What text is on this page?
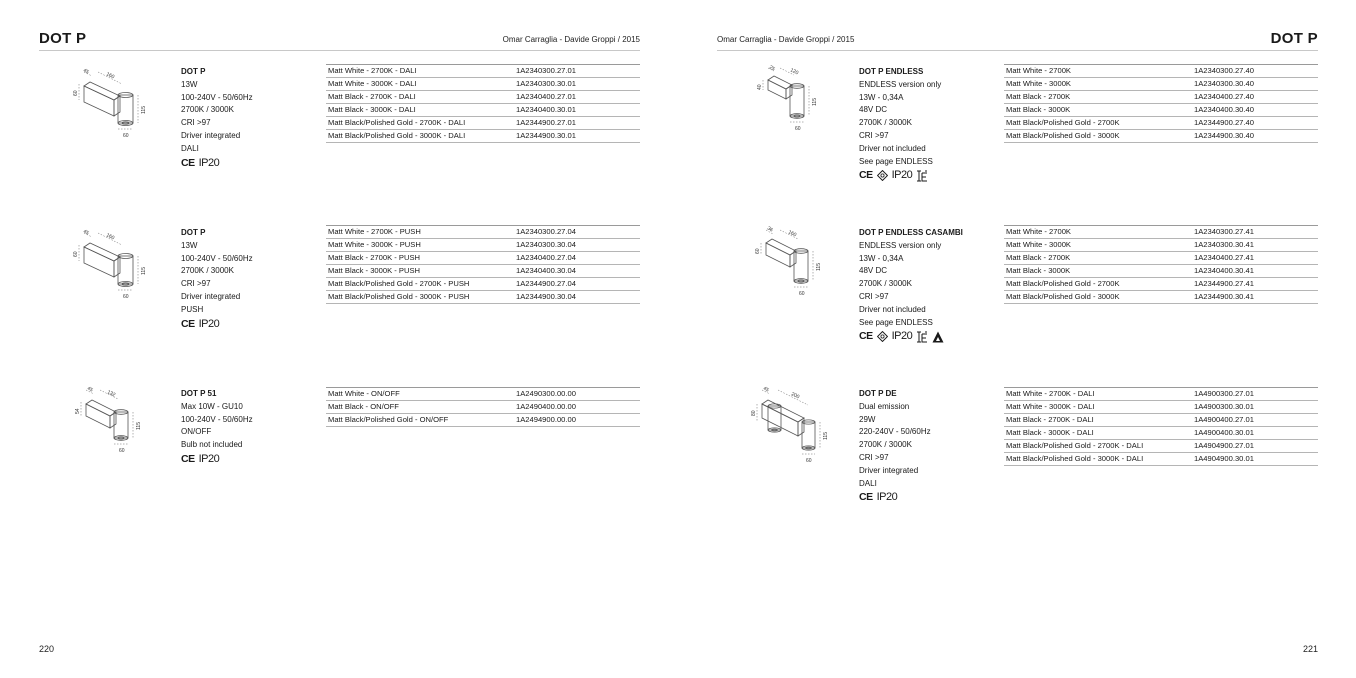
DOT P	Omar Carraglia - Davide Groppi / 2015
45	160
60
115
60
DOT P
13W
100-240V - 50/60Hz
2700K / 3000K
CRI >97
Driver integrated
DALI
CE IP20
Matt White - 2700K - DALI	1A2340300.27.01
Matt White - 3000K - DALI	1A2340300.30.01
Matt Black - 2700K - DALI	1A2340400.27.01
Matt Black - 3000K - DALI	1A2340400.30.01
Matt Black/Polished Gold - 2700K - DALI	1A2344900.27.01
Matt Black/Polished Gold - 3000K - DALI	1A2344900.30.01
45	160
60
115
60
DOT P
13W
100-240V - 50/60Hz
2700K / 3000K
CRI >97
Driver integrated
PUSH
CE IP20
Matt White - 2700K - PUSH	1A2340300.27.04
Matt White - 3000K - PUSH	1A2340300.30.04
Matt Black - 2700K - PUSH	1A2340400.27.04
Matt Black - 3000K - PUSH	1A2340400.30.04
Matt Black/Polished Gold - 2700K - PUSH	1A2344900.27.04
Matt Black/Polished Gold - 3000K - PUSH	1A2344900.30.04
45 132
54
115
60
DOT P 51
Max 10W - GU10
100-240V - 50/60Hz
ON/OFF
Bulb not included
CE IP20
Matt White - ON/OFF	1A2490300.00.00
Matt Black - ON/OFF	1A2490400.00.00
Matt Black/Polished Gold - ON/OFF	1A2494900.00.00
220
Omar Carraglia - Davide Groppi / 2015	DOT P
25	120
40
115
60
DOT P ENDLESS
ENDLESS version only
13W - 0,34A
48V DC
2700K / 3000K
CRI >97
Driver not included
See page ENDLESS
CE IP20
Matt White - 2700K	1A2340300.27.40
Matt White - 3000K	1A2340300.30.40
Matt Black - 2700K	1A2340400.27.40
Matt Black - 3000K	1A2340400.30.40
Matt Black/Polished Gold - 2700K	1A2344900.27.40
Matt Black/Polished Gold - 3000K	1A2344900.30.40
36	160
60
115
60
DOT P ENDLESS CASAMBI
ENDLESS version only
13W - 0,34A
48V DC
2700K / 3000K
CRI >97
Driver not included
See page ENDLESS
CE IP20
Matt White - 2700K	1A2340300.27.41
Matt White - 3000K	1A2340300.30.41
Matt Black - 2700K	1A2340400.27.41
Matt Black - 3000K	1A2340400.30.41
Matt Black/Polished Gold - 2700K	1A2344900.27.41
Matt Black/Polished Gold - 3000K	1A2344900.30.41
45
200
80
115
60
DOT P DE
Dual emission
29W
220-240V - 50/60Hz
2700K / 3000K
CRI >97
Driver integrated
DALI
CE IP20
Matt White - 2700K - DALI	1A4900300.27.01
Matt White - 3000K - DALI	1A4900300.30.01
Matt Black - 2700K - DALI	1A4900400.27.01
Matt Black - 3000K - DALI	1A4900400.30.01
Matt Black/Polished Gold - 2700K - DALI	1A4904900.27.01
Matt Black/Polished Gold - 3000K - DALI	1A4904900.30.01
221
